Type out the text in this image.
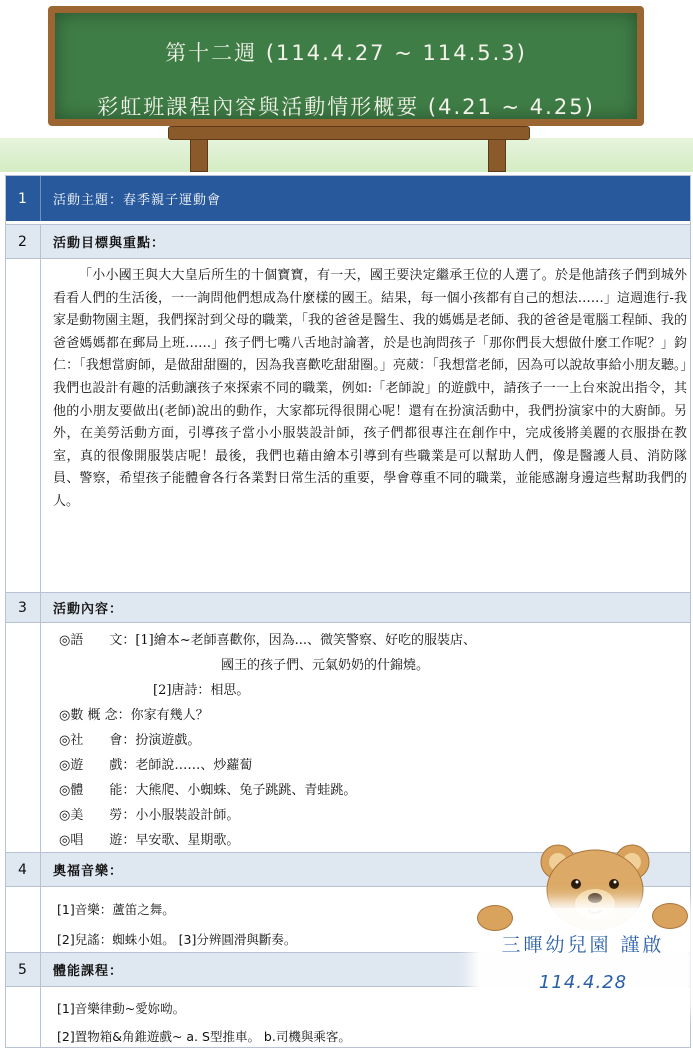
第十二週 (114.4.27 ~ 114.5.3)
彩虹班課程內容與活動情形概要 (4.21 ~ 4.25)
1	活動主題：春季親子運動會
2	活動目標與重點：

「小小國王與大大皇后所生的十個寶寶，有一天，國王要決定繼承王位的人選了。於是他請孩子們到城外看看人們的生活後，一一詢問他們想成為什麼樣的國王。結果，每一個小孩都有自己的想法……」這週進行-我家是動物園主題，我們探討到父母的職業，「我的爸爸是醫生、我的媽媽是老師、我的爸爸是電腦工程師、我的爸爸媽媽都在郵局上班……」孩子們七嘴八舌地討論著，於是也詢問孩子「那你們長大想做什麼工作呢？」鈞仁：「我想當廚師，是做甜甜圈的，因為我喜歡吃甜甜圈。」亮葳：「我想當老師，因為可以說故事給小朋友聽。」我們也設計有趣的活動讓孩子來探索不同的職業，例如:「老師說」的遊戲中，請孩子一一上台來說出指令，其他的小朋友要做出(老師)說出的動作，大家都玩得很開心呢！還有在扮演活動中，我們扮演家中的大廚師。另外，在美勞活動方面，引導孩子當小小服裝設計師，孩子們都很專注在創作中，完成後將美麗的衣服掛在教室，真的很像開服裝店呢！最後，我們也藉由繪本引導到有些職業是可以幫助人們，像是醫護人員、消防隊員、警察，希望孩子能體會各行各業對日常生活的重要，學會尊重不同的職業，並能感謝身邊這些幫助我們的人。

3	活動內容：
◎語　　文：[1]繪本~老師喜歡你，因為...、微笑警察、好吃的服裝店、
國王的孩子們、元氣奶奶的什錦燒。
[2]唐詩：相思。
◎數 概 念：你家有幾人？
◎社　　會：扮演遊戲。
◎遊　　戲：老師說……、炒蘿蔔
◎體　　能：大熊爬、小蜘蛛、兔子跳跳、青蛙跳。
◎美　　勞：小小服裝設計師。
◎唱　　遊：早安歌、星期歌。
4	奧福音樂：
[1]音樂：蘆笛之舞。
[2]兒謠：蜘蛛小姐。 [3]分辨圓滑與斷奏。
5	體能課程：
[1]音樂律動~愛妳呦。
[2]置物箱&角錐遊戲~ a. S型推車。 b.司機與乘客。
三暉幼兒園 謹啟
114.4.28
